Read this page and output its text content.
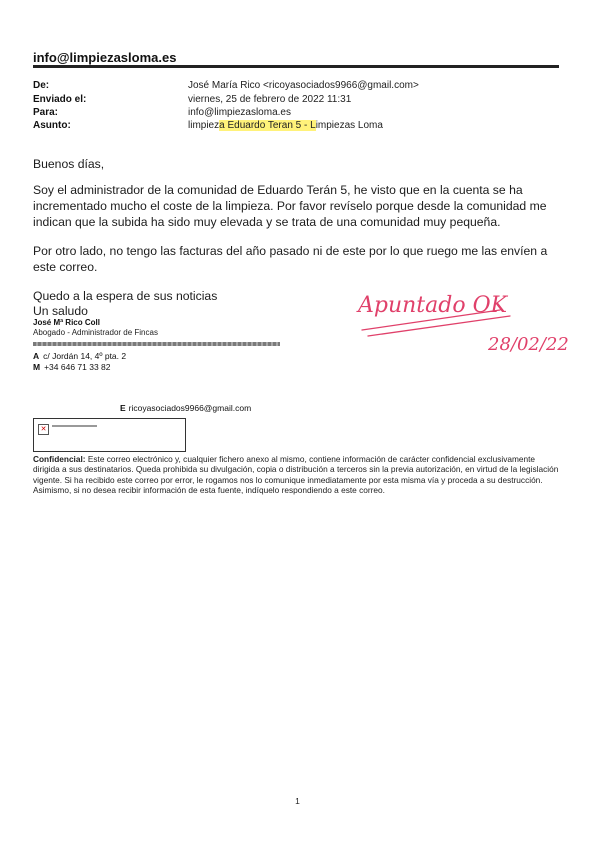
info@limpiezasloma.es
De:	José María Rico <ricoyasociados9966@gmail.com>
Enviado el:	viernes, 25 de febrero de 2022 11:31
Para:	info@limpiezasloma.es
Asunto:	limpieza Eduardo Teran 5 - Limpiezas Loma
Buenos días,
Soy el administrador de la comunidad de Eduardo Terán 5, he visto que en la cuenta se ha incrementado mucho el coste de la limpieza. Por favor revíselo porque desde la comunidad me indican que la subida ha sido muy elevada y se trata de una comunidad muy pequeña.
Por otro lado, no tengo las facturas del año pasado ni de este por lo que ruego me las envíen a este correo.
Quedo a la espera de sus noticias
Un saludo
José Mª Rico Coll
Abogado - Administrador de Fincas
A c/ Jordán 14, 4º pta. 2
M +34 646 71 33 82
E ricoyasociados9966@gmail.com
✕
Confidencial: Este correo electrónico y, cualquier fichero anexo al mismo, contiene información de carácter confidencial exclusivamente dirigida a sus destinatarios. Queda prohibida su divulgación, copia o distribución a terceros sin la previa autorización, en virtud de la legislación vigente. Si ha recibido este correo por error, le rogamos nos lo comunique inmediatamente por esta misma vía y proceda a su destrucción. Asimismo, si no desea recibir información de esta fuente, indíquelo respondiendo a este correo.
Apuntado OK
28/02/22
1
